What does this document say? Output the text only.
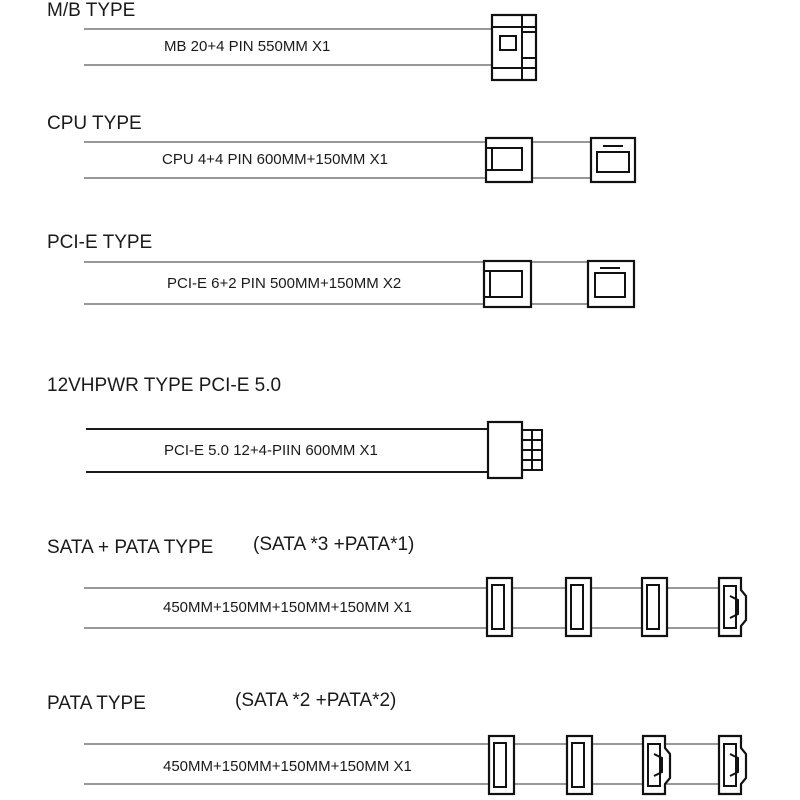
M/B TYPE
CPU TYPE
PCI-E TYPE
12VHPWR TYPE PCI-E 5.0
SATA + PATA TYPE (SATA *3 +PATA*1)
PATA TYPE	(SATA *2 +PATA*2)
MB 20+4 PIN 550MM X1
CPU 4+4 PIN 600MM+150MM X1
PCI-E 6+2 PIN 500MM+150MM X2
PCI-E 5.0 12+4-PIIN 600MM X1
450MM+150MM+150MM+150MM X1
450MM+150MM+150MM+150MM X1
